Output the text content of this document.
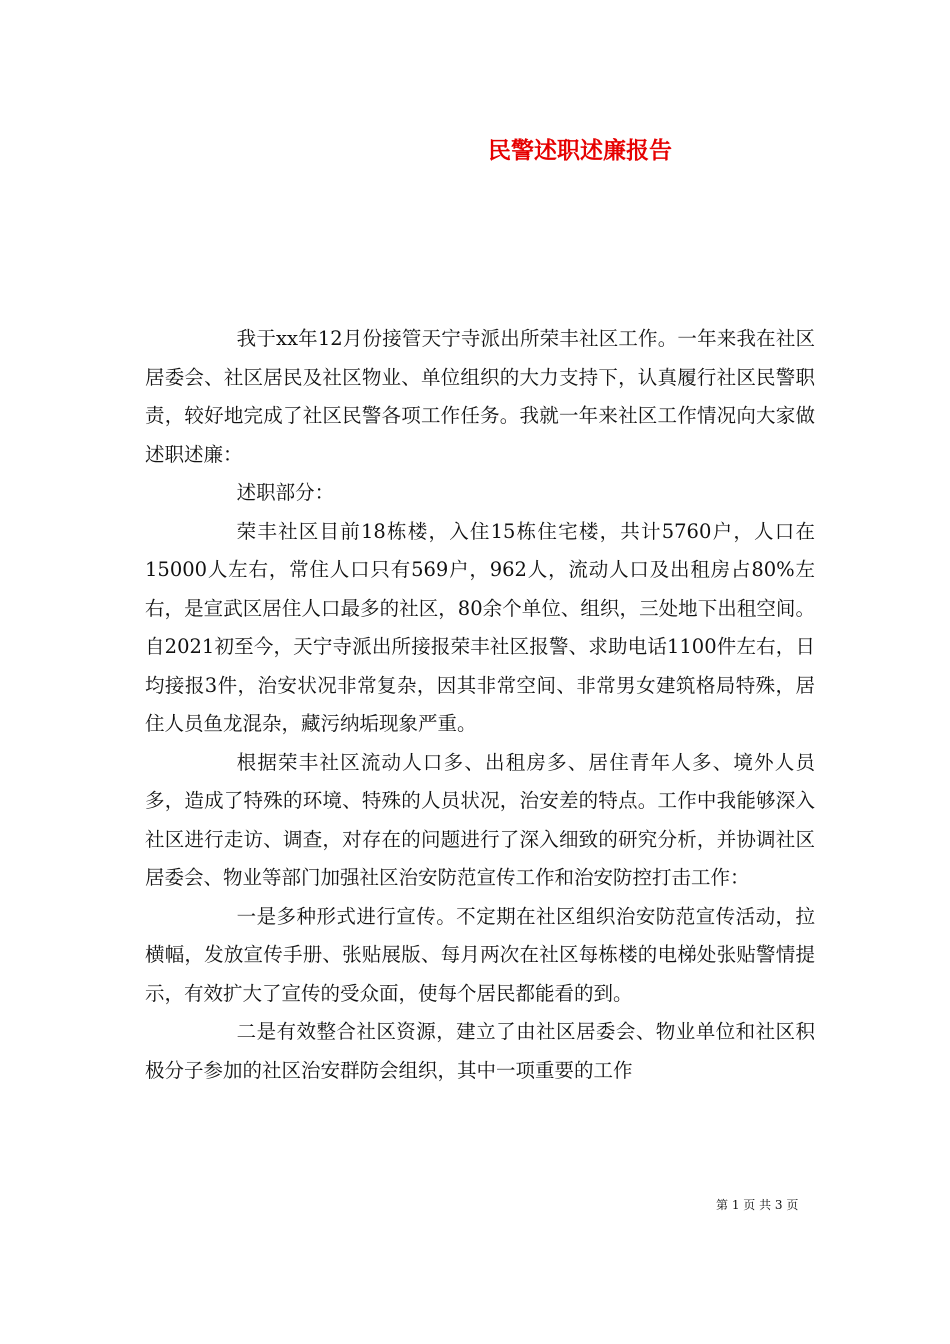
民警述职述廉报告

我于xx年12月份接管天宁寺派出所荣丰社区工作。一年来我在社区居委会、社区居民及社区物业、单位组织的大力支持下，认真履行社区民警职责，较好地完成了社区民警各项工作任务。我就一年来社区工作情况向大家做述职述廉：

述职部分：

荣丰社区目前18栋楼，入住15栋住宅楼，共计5760户，人口在15000人左右，常住人口只有569户，962人，流动人口及出租房占80%左右，是宣武区居住人口最多的社区，80余个单位、组织，三处地下出租空间。自2021初至今，天宁寺派出所接报荣丰社区报警、求助电话1100件左右，日均接报3件，治安状况非常复杂，因其非常空间、非常男女建筑格局特殊，居住人员鱼龙混杂，藏污纳垢现象严重。

根据荣丰社区流动人口多、出租房多、居住青年人多、境外人员多，造成了特殊的环境、特殊的人员状况，治安差的特点。工作中我能够深入社区进行走访、调查，对存在的问题进行了深入细致的研究分析，并协调社区居委会、物业等部门加强社区治安防范宣传工作和治安防控打击工作：

一是多种形式进行宣传。不定期在社区组织治安防范宣传活动，拉横幅，发放宣传手册、张贴展版、每月两次在社区每栋楼的电梯处张贴警情提示，有效扩大了宣传的受众面，使每个居民都能看的到。

二是有效整合社区资源，建立了由社区居委会、物业单位和社区积极分子参加的社区治安群防会组织，其中一项重要的工作

第 1 页 共 3 页
